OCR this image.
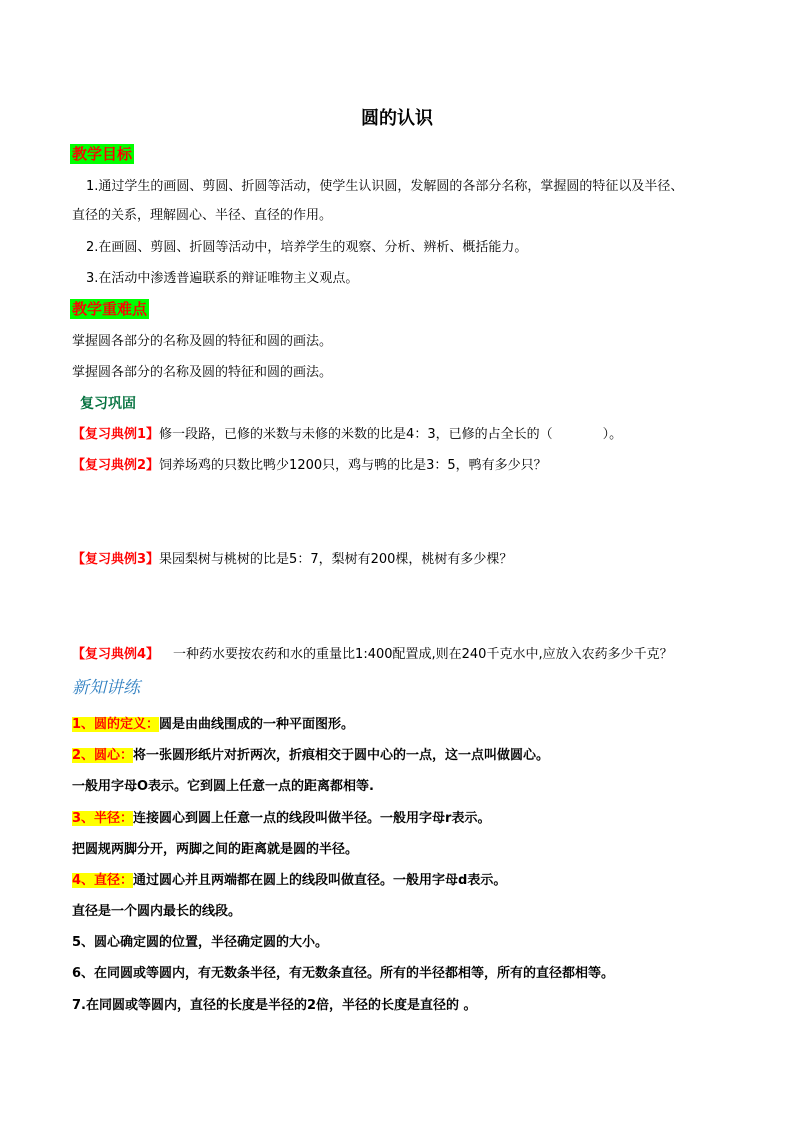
圆的认识
教学目标
1.通过学生的画圆、剪圆、折圆等活动，使学生认识圆，发解圆的各部分名称，掌握圆的特征以及半径、
直径的关系，理解圆心、半径、直径的作用。
2.在画圆、剪圆、折圆等活动中，培养学生的观察、分析、辨析、概括能力。
3.在活动中渗透普遍联系的辩证唯物主义观点。
教学重难点
掌握圆各部分的名称及圆的特征和圆的画法。
掌握圆各部分的名称及圆的特征和圆的画法。
复习巩固
【复习典例1】修一段路，已修的米数与未修的米数的比是4：3，已修的占全长的（	）。
【复习典例2】饲养场鸡的只数比鸭少1200只，鸡与鸭的比是3：5，鸭有多少只？
【复习典例3】果园梨树与桃树的比是5：7，梨树有200棵，桃树有多少棵？
【复习典例4】 一种药水要按农药和水的重量比1:400配置成,则在240千克水中,应放入农药多少千克？
新知讲练
1、圆的定义：圆是由曲线围成的一种平面图形。
2、圆心：将一张圆形纸片对折两次，折痕相交于圆中心的一点，这一点叫做圆心。
一般用字母O表示。它到圆上任意一点的距离都相等.
3、半径：连接圆心到圆上任意一点的线段叫做半径。一般用字母r表示。
把圆规两脚分开，两脚之间的距离就是圆的半径。
4、直径：通过圆心并且两端都在圆上的线段叫做直径。一般用字母d表示。
直径是一个圆内最长的线段。
5、圆心确定圆的位置，半径确定圆的大小。
6、在同圆或等圆内，有无数条半径，有无数条直径。所有的半径都相等，所有的直径都相等。
7.在同圆或等圆内，直径的长度是半径的2倍，半径的长度是直径的 。
